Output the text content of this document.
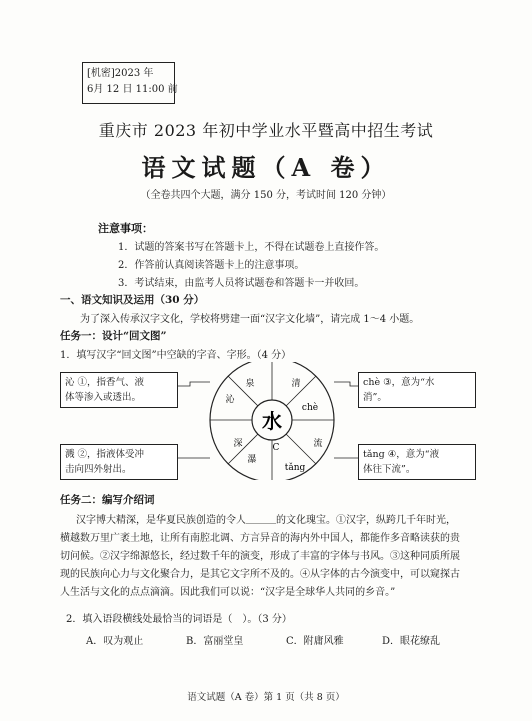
[机密]2023 年
6月 12 日 11:00 前
重庆市 2023 年初中学业水平暨高中招生考试
语文试题（A 卷）
（全卷共四个大题，满分 150 分，考试时间 120 分钟）
注意事项：
1．试题的答案书写在答题卡上，不得在试题卷上直接作答。
2．作答前认真阅读答题卡上的注意事项。
3．考试结束，由监考人员将试题卷和答题卡一并收回。
一、语文知识及运用（30 分）
为了深入传承汉字文化，学校将劈建一面“汉字文化墙”，请完成 1～4 小题。
任务一：设计“回文图”
1．填写汉字“回文图”中空缺的字音、字形。（4 分）
水
泉	清
chè
流
tǎng
瀑
深
沁
C
沁 ①，指香气、液
体等渗入或透出。
chè ③，意为“水
消”。
溅 ②，指液体受冲
击向四外射出。
tǎng ④，意为“液
体往下流”。
任务二：编写介绍词
汉字博大精深，是华夏民族创造的令人＿＿＿的文化瑰宝。①汉字，纵跨几千年时光，
横越数万里广袤土地，让所有南腔北调、方言异音的海内外中国人，都能作多音略读获的贵
切问候。②汉字绵源悠长，经过数千年的演变，形成了丰富的字体与书风。③这种同质所展
现的民族向心力与文化聚合力，是其它文字所不及的。④从字体的古今演变中，可以窥探古
人生活与文化的点点滴滴。因此我们可以说：“汉字是全球华人共同的乡音。”
2．填入语段横线处最恰当的词语是（　）。（3 分）
A．叹为观止	B．富丽堂皇	C．附庸风雅	D．眼花缭乱
语文试题（A 卷）第 1 页（共 8 页）
